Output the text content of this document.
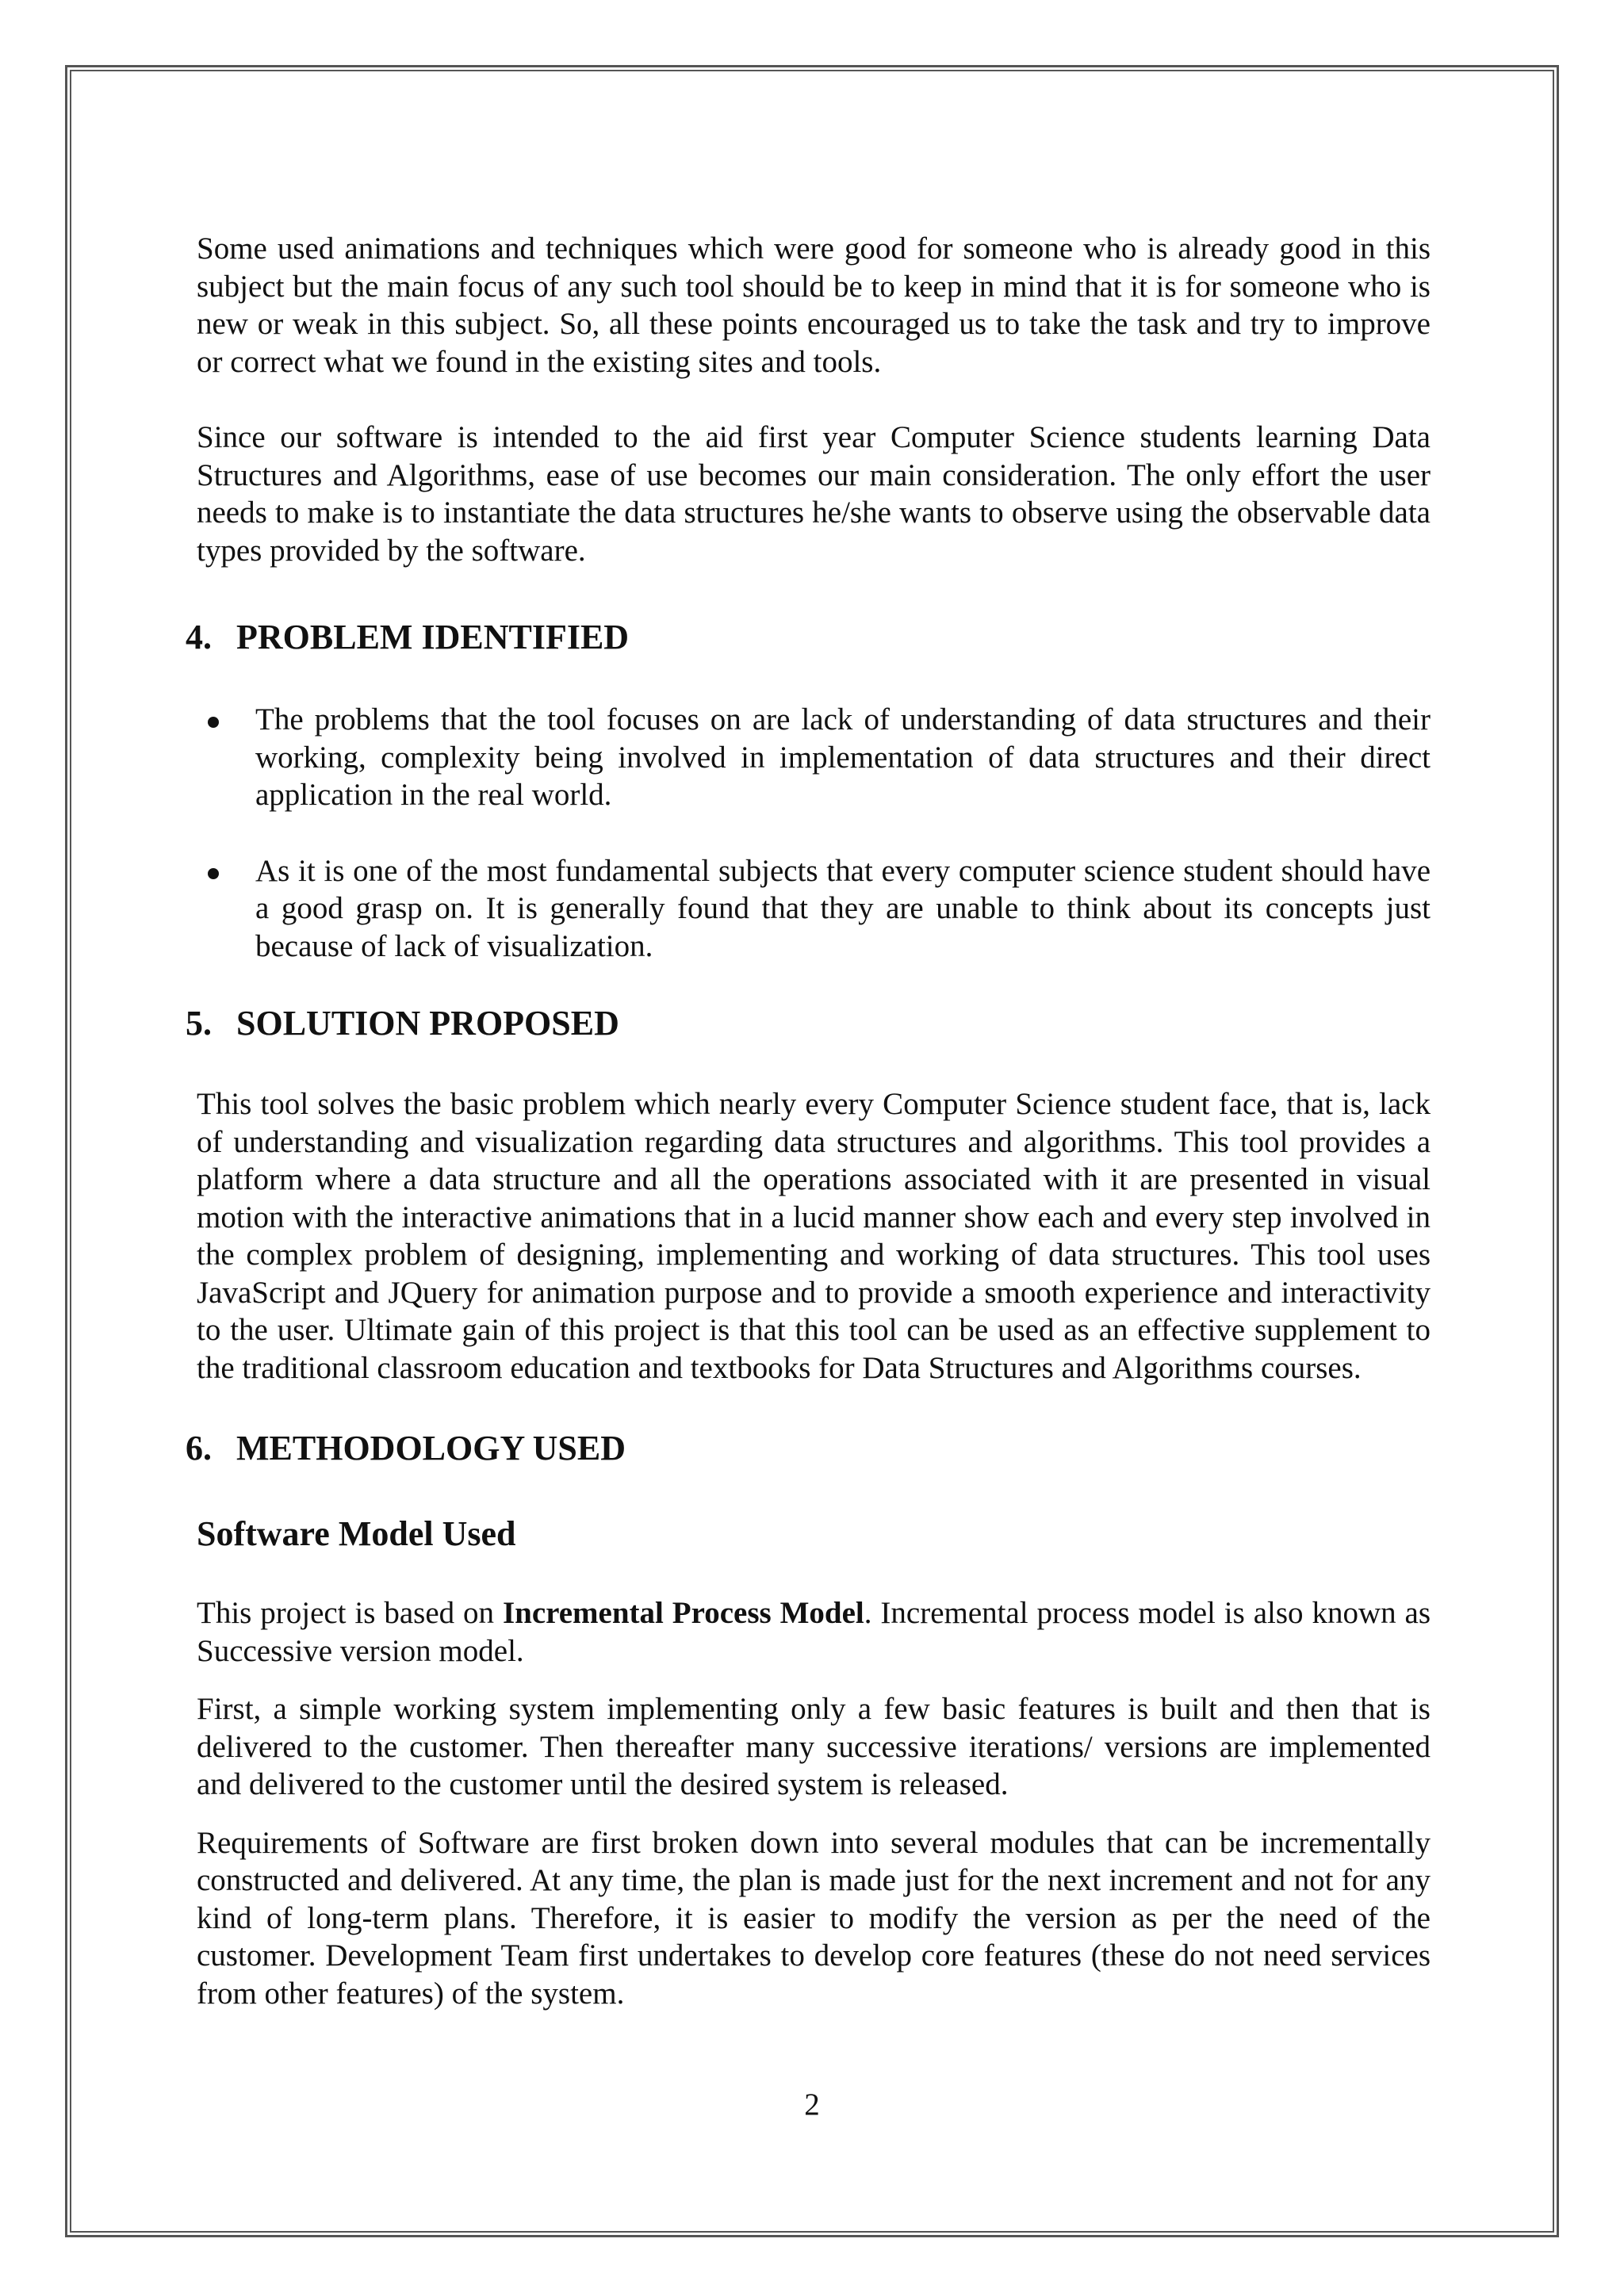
Some used animations and techniques which were good for someone who is already good in this subject but the main focus of any such tool should be to keep in mind that it is for someone who is new or weak in this subject. So, all these points encouraged us to take the task and try to improve or correct what we found in the existing sites and tools.

Since our software is intended to the aid first year Computer Science students learning Data Structures and Algorithms, ease of use becomes our main consideration. The only effort the user needs to make is to instantiate the data structures he/she wants to observe using the observable data types provided by the software.

4. PROBLEM IDENTIFIED
The problems that the tool focuses on are lack of understanding of data structures and their working, complexity being involved in implementation of data structures and their direct application in the real world.
As it is one of the most fundamental subjects that every computer science student should have a good grasp on. It is generally found that they are unable to think about its concepts just because of lack of visualization.
5. SOLUTION PROPOSED

This tool solves the basic problem which nearly every Computer Science student face, that is, lack of understanding and visualization regarding data structures and algorithms. This tool provides a platform where a data structure and all the operations associated with it are presented in visual motion with the interactive animations that in a lucid manner show each and every step involved in the complex problem of designing, implementing and working of data structures. This tool uses JavaScript and JQuery for animation purpose and to provide a smooth experience and interactivity to the user. Ultimate gain of this project is that this tool can be used as an effective supplement to the traditional classroom education and textbooks for Data Structures and Algorithms courses.

6. METHODOLOGY USED
Software Model Used

This project is based on Incremental Process Model. Incremental process model is also known as Successive version model.

First, a simple working system implementing only a few basic features is built and then that is delivered to the customer. Then thereafter many successive iterations/ versions are implemented and delivered to the customer until the desired system is released.

Requirements of Software are first broken down into several modules that can be incrementally constructed and delivered. At any time, the plan is made just for the next increment and not for any kind of long-term plans. Therefore, it is easier to modify the version as per the need of the customer. Development Team first undertakes to develop core features (these do not need services from other features) of the system.

2
